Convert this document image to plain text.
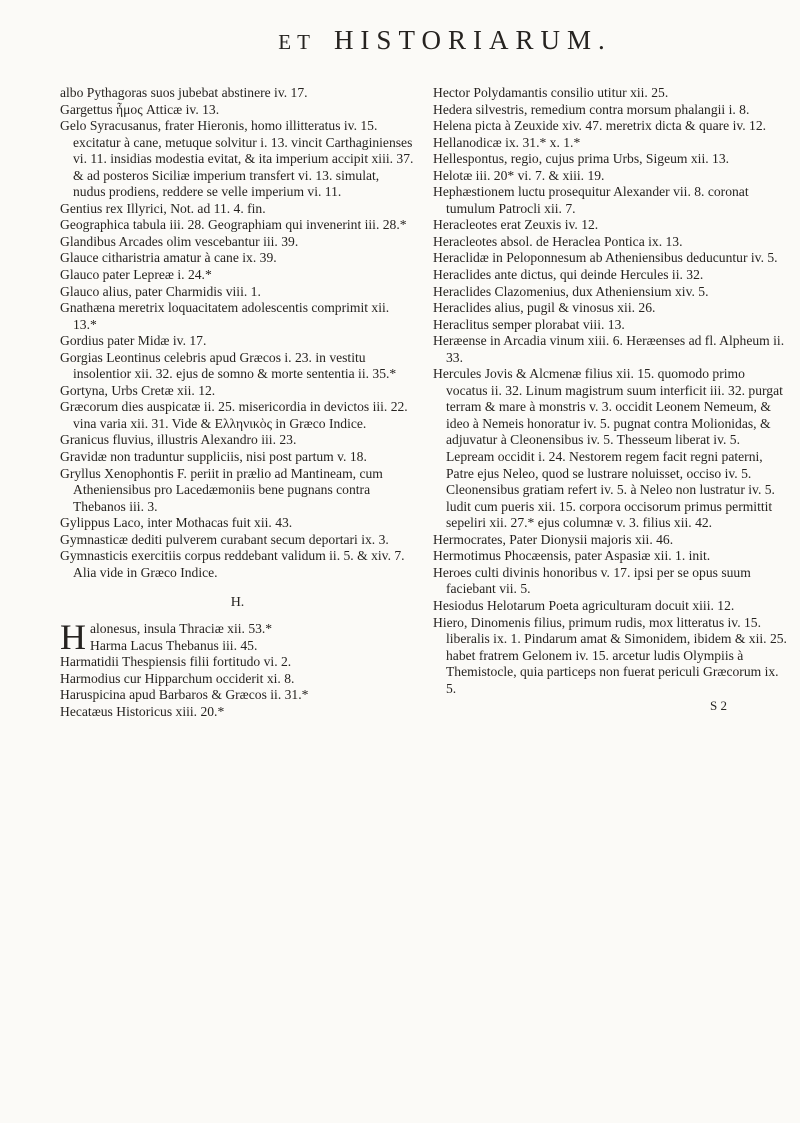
ET HISTORIARUM.

albo Pythagoras suos jubebat abstinere iv. 17.

Gargettus ἦμος Atticæ iv. 13.

Gelo Syracusanus, frater Hieronis, homo illitteratus iv. 15. excitatur à cane, metuque solvitur i. 13. vincit Carthaginienses vi. 11. insidias modestia evitat, & ita imperium accipit xiii. 37. & ad posteros Siciliæ imperium transfert vi. 13. simulat, nudus prodiens, reddere se velle imperium vi. 11.

Gentius rex Illyrici, Not. ad 11. 4. fin.

Geographica tabula iii. 28. Geographiam qui invenerint iii. 28.*

Glandibus Arcades olim vescebantur iii. 39.

Glauce citharistria amatur à cane ix. 39.

Glauco pater Lepreæ i. 24.*

Glauco alius, pater Charmidis viii. 1.

Gnathæna meretrix loquacitatem adolescentis comprimit xii. 13.*

Gordius pater Midæ iv. 17.

Gorgias Leontinus celebris apud Græcos i. 23. in vestitu insolentior xii. 32. ejus de somno & morte sententia ii. 35.*

Gortyna, Urbs Cretæ xii. 12.

Græcorum dies auspicatæ ii. 25. misericordia in devictos iii. 22. vina varia xii. 31. Vide & Ελληνικὸς in Græco Indice.

Granicus fluvius, illustris Alexandro iii. 23.

Gravidæ non traduntur suppliciis, nisi post partum v. 18.

Gryllus Xenophontis F. periit in prælio ad Mantineam, cum Atheniensibus pro Lacedæmoniis bene pugnans contra Thebanos iii. 3.

Gylippus Laco, inter Mothacas fuit xii. 43.

Gymnasticæ dediti pulverem curabant secum deportari ix. 3.

Gymnasticis exercitiis corpus reddebant validum ii. 5. & xiv. 7. Alia vide in Græco Indice.

H.
H alonesus, insula Thraciæ xii. 53.*
Harma Lacus Thebanus iii. 45.

Harmatidii Thespiensis filii fortitudo vi. 2.

Harmodius cur Hipparchum occiderit xi. 8.

Haruspicina apud Barbaros & Græcos ii. 31.*

Hecatæus Historicus xiii. 20.*

Hector Polydamantis consilio utitur xii. 25.

Hedera silvestris, remedium contra morsum phalangii i. 8.

Helena picta à Zeuxide xiv. 47. meretrix dicta & quare iv. 12.

Hellanodicæ ix. 31.* x. 1.*

Hellespontus, regio, cujus prima Urbs, Sigeum xii. 13.

Helotæ iii. 20* vi. 7. & xiii. 19.

Hephæstionem luctu prosequitur Alexander vii. 8. coronat tumulum Patrocli xii. 7.

Heracleotes erat Zeuxis iv. 12.

Heracleotes absol. de Heraclea Pontica ix. 13.

Heraclidæ in Peloponnesum ab Atheniensibus deducuntur iv. 5.

Heraclides ante dictus, qui deinde Hercules ii. 32.

Heraclides Clazomenius, dux Atheniensium xiv. 5.

Heraclides alius, pugil & vinosus xii. 26.

Heraclitus semper plorabat viii. 13.

Heræense in Arcadia vinum xiii. 6. Heræenses ad fl. Alpheum ii. 33.

Hercules Jovis & Alcmenæ filius xii. 15. quomodo primo vocatus ii. 32. Linum magistrum suum interficit iii. 32. purgat terram & mare à monstris v. 3. occidit Leonem Nemeum, & ideo à Nemeis honoratur iv. 5. pugnat contra Molionidas, & adjuvatur à Cleonensibus iv. 5. Thesseum liberat iv. 5. Lepream occidit i. 24. Nestorem regem facit regni paterni, Patre ejus Neleo, quod se lustrare noluisset, occiso iv. 5. Cleonensibus gratiam refert iv. 5. à Neleo non lustratur iv. 5. ludit cum pueris xii. 15. corpora occisorum primus permittit sepeliri xii. 27.* ejus columnæ v. 3. filius xii. 42.

Hermocrates, Pater Dionysii majoris xii. 46.

Hermotimus Phocæensis, pater Aspasiæ xii. 1. init.

Heroes culti divinis honoribus v. 17. ipsi per se opus suum faciebant vii. 5.

Hesiodus Helotarum Poeta agriculturam docuit xiii. 12.

Hiero, Dinomenis filius, primum rudis, mox litteratus iv. 15. liberalis ix. 1. Pindarum amat & Simonidem, ibidem & xii. 25. habet fratrem Gelonem iv. 15. arcetur ludis Olympiis à Themistocle, quia particeps non fuerat periculi Græcorum ix. 5.

S 2
